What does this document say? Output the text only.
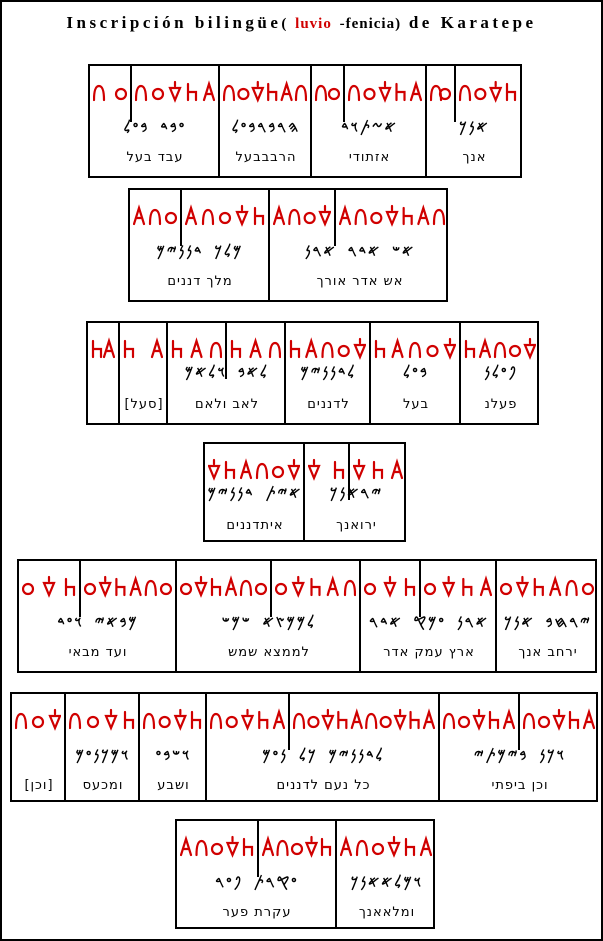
Inscripción bilingüe( luvio -fenicia) de Karatepe
𐤏𐤁𐤃 𐤁𐤏𐤋
עבד בעל
𐤄𐤓𐤁𐤓𐤁𐤏𐤋
הרבבבעל
𐤀𐤆𐤕𐤅𐤃
אזתודי
𐤀𐤍𐤊
אנך
𐤌𐤋𐤊 𐤃𐤍𐤍𐤉𐤌
מלך דננים
𐤀𐤔 𐤀𐤃𐤓 𐤀𐤓𐤍
אש אדר אורך
[סעל]
𐤋𐤀𐤁 𐤅𐤋𐤀𐤌
לאב ולאם
𐤋𐤃𐤍𐤍𐤉𐤌
לדננים
𐤁𐤏𐤋
בעל
𐤐𐤏𐤋𐤍
פעלנ
𐤀𐤉𐤕 𐤃𐤍𐤍𐤉𐤌
איתדננים
𐤉𐤓𐤀𐤍𐤊
ירואנך
𐤌𐤁𐤀𐤉 𐤅𐤏𐤃
ועד מבאי
𐤋𐤌𐤌𐤑𐤀 𐤔𐤌𐤔
לממצא שמש
𐤀𐤓𐤍 𐤏𐤌𐤒 𐤀𐤃𐤓
ארץ עמק אדר
𐤉𐤓𐤇𐤁 𐤀𐤍𐤊
ירחב אנך
[וכן]
𐤅𐤌𐤊𐤍𐤏𐤌
ומכעס
𐤅𐤔𐤁𐤏
ושבע
𐤋𐤃𐤍𐤍𐤉𐤌 𐤊𐤋 𐤍𐤏𐤌
כל נעם לדננים
𐤅𐤊𐤍 𐤁𐤉𐤌𐤕𐤉
וכן ביפתי
𐤏𐤒𐤓𐤕 𐤐𐤏𐤓
עקרת פער
𐤅𐤌𐤋𐤀𐤀𐤍𐤊
ומלאאנך
